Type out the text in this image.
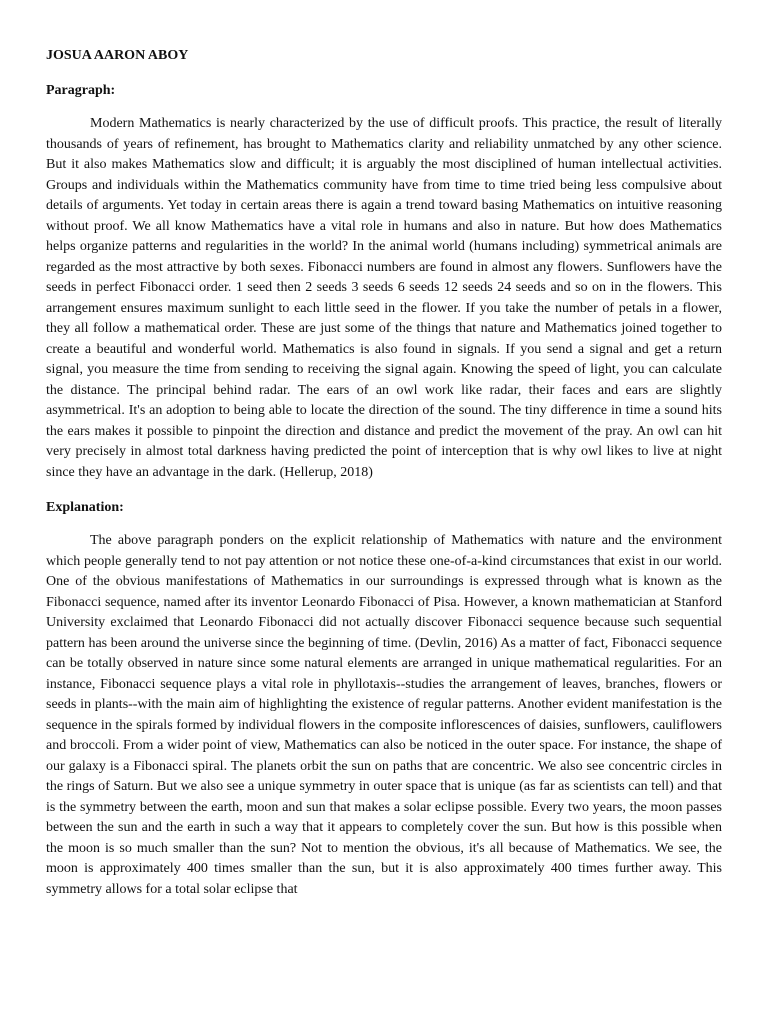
JOSUA AARON ABOY
Paragraph:

Modern Mathematics is nearly characterized by the use of difficult proofs. This practice, the result of literally thousands of years of refinement, has brought to Mathematics clarity and reliability unmatched by any other science. But it also makes Mathematics slow and difficult; it is arguably the most disciplined of human intellectual activities. Groups and individuals within the Mathematics community have from time to time tried being less compulsive about details of arguments. Yet today in certain areas there is again a trend toward basing Mathematics on intuitive reasoning without proof. We all know Mathematics have a vital role in humans and also in nature. But how does Mathematics helps organize patterns and regularities in the world? In the animal world (humans including) symmetrical animals are regarded as the most attractive by both sexes. Fibonacci numbers are found in almost any flowers. Sunflowers have the seeds in perfect Fibonacci order. 1 seed then 2 seeds 3 seeds 6 seeds 12 seeds 24 seeds and so on in the flowers. This arrangement ensures maximum sunlight to each little seed in the flower. If you take the number of petals in a flower, they all follow a mathematical order. These are just some of the things that nature and Mathematics joined together to create a beautiful and wonderful world. Mathematics is also found in signals. If you send a signal and get a return signal, you measure the time from sending to receiving the signal again. Knowing the speed of light, you can calculate the distance. The principal behind radar. The ears of an owl work like radar, their faces and ears are slightly asymmetrical. It's an adoption to being able to locate the direction of the sound. The tiny difference in time a sound hits the ears makes it possible to pinpoint the direction and distance and predict the movement of the pray. An owl can hit very precisely in almost total darkness having predicted the point of interception that is why owl likes to live at night since they have an advantage in the dark. (Hellerup, 2018)

Explanation:

The above paragraph ponders on the explicit relationship of Mathematics with nature and the environment which people generally tend to not pay attention or not notice these one-of-a-kind circumstances that exist in our world. One of the obvious manifestations of Mathematics in our surroundings is expressed through what is known as the Fibonacci sequence, named after its inventor Leonardo Fibonacci of Pisa. However, a known mathematician at Stanford University exclaimed that Leonardo Fibonacci did not actually discover Fibonacci sequence because such sequential pattern has been around the universe since the beginning of time. (Devlin, 2016) As a matter of fact, Fibonacci sequence can be totally observed in nature since some natural elements are arranged in unique mathematical regularities. For an instance, Fibonacci sequence plays a vital role in phyllotaxis--studies the arrangement of leaves, branches, flowers or seeds in plants--with the main aim of highlighting the existence of regular patterns. Another evident manifestation is the sequence in the spirals formed by individual flowers in the composite inflorescences of daisies, sunflowers, cauliflowers and broccoli. From a wider point of view, Mathematics can also be noticed in the outer space. For instance, the shape of our galaxy is a Fibonacci spiral. The planets orbit the sun on paths that are concentric. We also see concentric circles in the rings of Saturn. But we also see a unique symmetry in outer space that is unique (as far as scientists can tell) and that is the symmetry between the earth, moon and sun that makes a solar eclipse possible. Every two years, the moon passes between the sun and the earth in such a way that it appears to completely cover the sun. But how is this possible when the moon is so much smaller than the sun? Not to mention the obvious, it's all because of Mathematics. We see, the moon is approximately 400 times smaller than the sun, but it is also approximately 400 times further away. This symmetry allows for a total solar eclipse that
